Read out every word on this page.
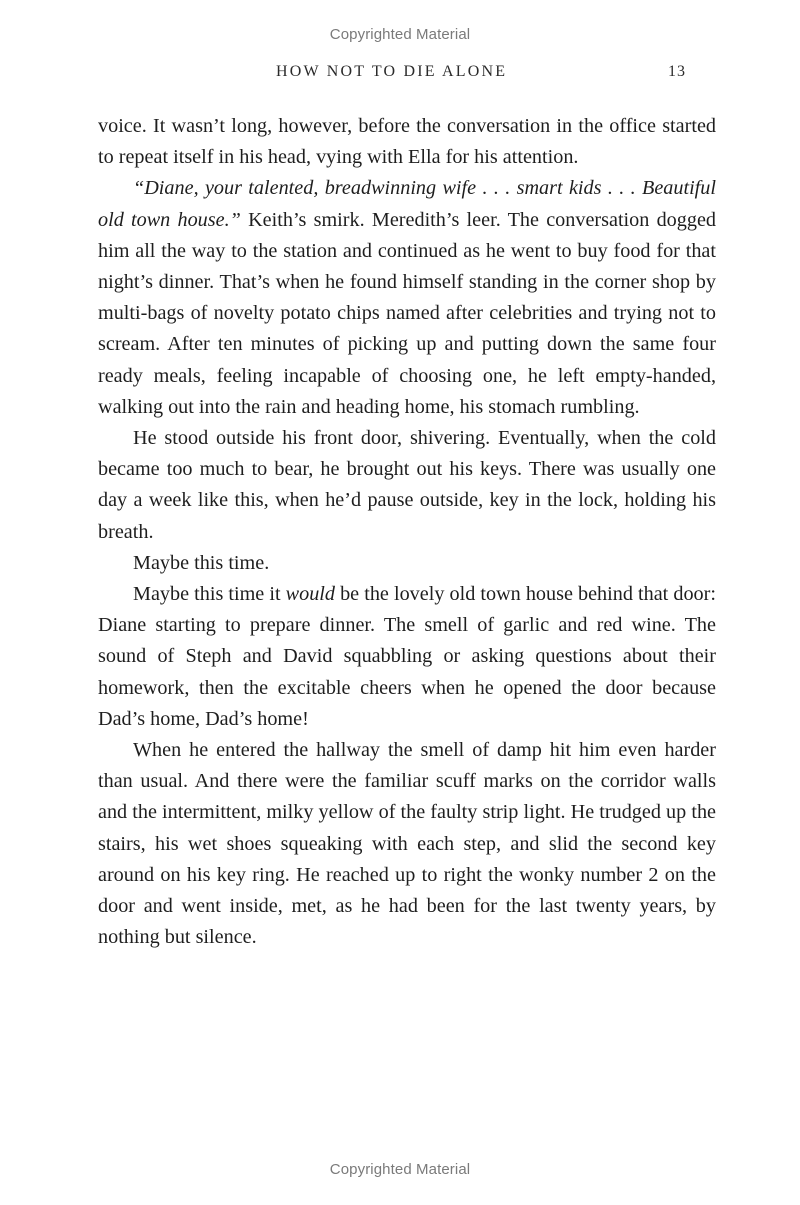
Copyrighted Material
HOW NOT TO DIE ALONE	13

voice. It wasn’t long, however, before the conversation in the office started to repeat itself in his head, vying with Ella for his attention.

“Diane, your talented, breadwinning wife . . . smart kids . . . Beautiful old town house.” Keith’s smirk. Meredith’s leer. The conversation dogged him all the way to the station and continued as he went to buy food for that night’s dinner. That’s when he found himself standing in the corner shop by multi-bags of novelty potato chips named after celebrities and trying not to scream. After ten minutes of picking up and putting down the same four ready meals, feeling incapable of choosing one, he left empty-handed, walking out into the rain and heading home, his stomach rumbling.

He stood outside his front door, shivering. Eventually, when the cold became too much to bear, he brought out his keys. There was usually one day a week like this, when he’d pause outside, key in the lock, holding his breath.

Maybe this time.

Maybe this time it would be the lovely old town house behind that door: Diane starting to prepare dinner. The smell of garlic and red wine. The sound of Steph and David squabbling or asking questions about their homework, then the excitable cheers when he opened the door because Dad’s home, Dad’s home!

When he entered the hallway the smell of damp hit him even harder than usual. And there were the familiar scuff marks on the corridor walls and the intermittent, milky yellow of the faulty strip light. He trudged up the stairs, his wet shoes squeaking with each step, and slid the second key around on his key ring. He reached up to right the wonky number 2 on the door and went inside, met, as he had been for the last twenty years, by nothing but silence.

Copyrighted Material
